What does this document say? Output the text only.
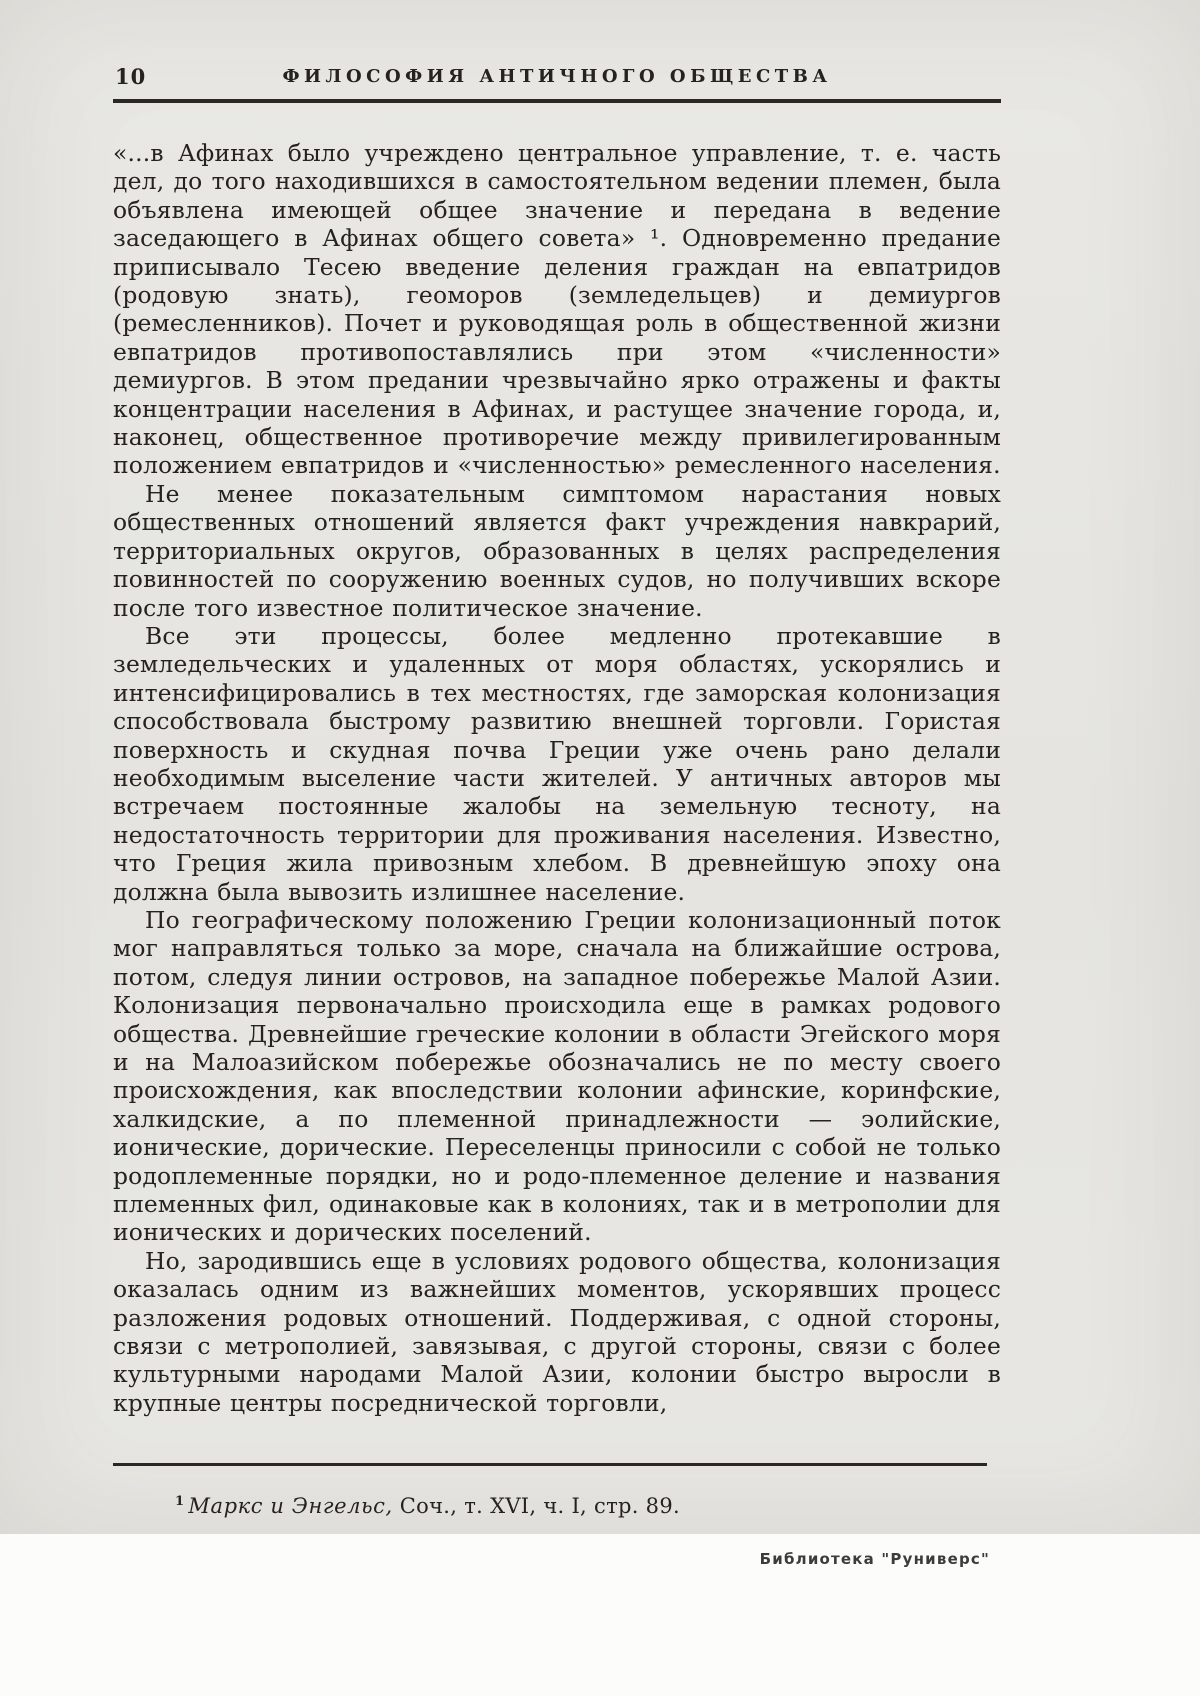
10	ФИЛОСОФИЯ АНТИЧНОГО ОБЩЕСТВА

«...в Афинах было учреждено центральное управление, т. е. часть дел, до того находившихся в самостоятельном ведении племен, была объявлена имеющей общее значение и передана в ведение заседающего в Афинах общего совета» ¹. Одновременно предание приписывало Тесею введение деления граждан на евпатридов (родовую знать), геоморов (земледельцев) и демиургов (ремесленников). Почет и руководящая роль в общественной жизни евпатридов противопоставлялись при этом «численности» демиургов. В этом предании чрезвычайно ярко отражены и факты концентрации населения в Афинах, и растущее значение города, и, наконец, общественное противоречие между привилегированным положением евпатридов и «численностью» ремесленного населения.

Не менее показательным симптомом нарастания новых общественных отношений является факт учреждения навкрарий, территориальных округов, образованных в целях распределения повинностей по сооружению военных судов, но получивших вскоре после того известное политическое значение.

Все эти процессы, более медленно протекавшие в земледельческих и удаленных от моря областях, ускорялись и интенсифицировались в тех местностях, где заморская колонизация способствовала быстрому развитию внешней торговли. Гористая поверхность и скудная почва Греции уже очень рано делали необходимым выселение части жителей. У античных авторов мы встречаем постоянные жалобы на земельную тесноту, на недостаточность территории для проживания населения. Известно, что Греция жила привозным хлебом. В древнейшую эпоху она должна была вывозить излишнее население.

По географическому положению Греции колонизационный поток мог направляться только за море, сначала на ближайшие острова, потом, следуя линии островов, на западное побережье Малой Азии. Колонизация первоначально происходила еще в рамках родового общества. Древнейшие греческие колонии в области Эгейского моря и на Малоазийском побережье обозначались не по месту своего происхождения, как впоследствии колонии афинские, коринфские, халкидские, а по племенной принадлежности — эолийские, ионические, дорические. Переселенцы приносили с собой не только родоплеменные порядки, но и родо-племенное деление и названия племенных фил, одинаковые как в колониях, так и в метрополии для ионических и дорических поселений.

Но, зародившись еще в условиях родового общества, колонизация оказалась одним из важнейших моментов, ускорявших процесс разложения родовых отношений. Поддерживая, с одной стороны, связи с метрополией, завязывая, с другой стороны, связи с более культурными народами Малой Азии, колонии быстро выросли в крупные центры посреднической торговли,

$^1$ Маркс и Энгельс, Соч., т. XVI, ч. I, стр. 89.

Библиотека "Руниверс"
